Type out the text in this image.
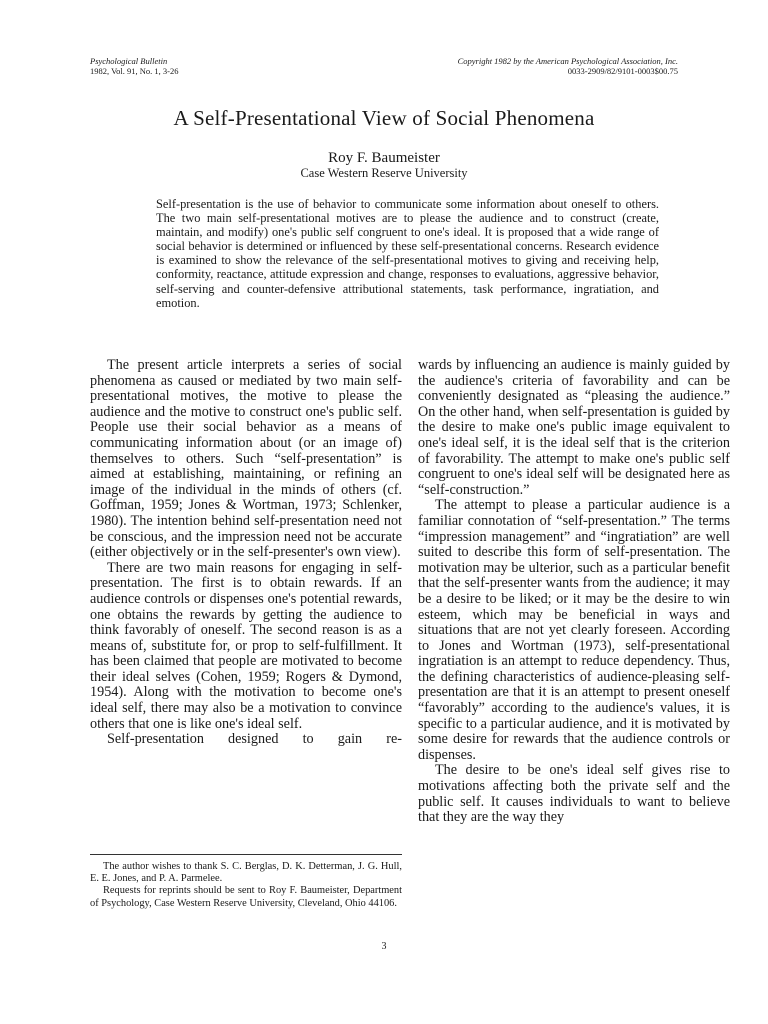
Psychological Bulletin
1982, Vol. 91, No. 1, 3-26
Copyright 1982 by the American Psychological Association, Inc.
0033-2909/82/9101-0003$00.75
A Self-Presentational View of Social Phenomena
Roy F. Baumeister
Case Western Reserve University
Self-presentation is the use of behavior to communicate some information about oneself to others. The two main self-presentational motives are to please the audience and to construct (create, maintain, and modify) one's public self congruent to one's ideal. It is proposed that a wide range of social behavior is determined or influenced by these self-presentational concerns. Research evidence is examined to show the relevance of the self-presentational motives to giving and receiving help, conformity, reactance, attitude expression and change, responses to evaluations, aggressive behavior, self-serving and counter-defensive attributional statements, task performance, ingratiation, and emotion.

The present article interprets a series of social phenomena as caused or mediated by two main self-presentational motives, the motive to please the audience and the motive to construct one's public self. People use their social behavior as a means of communicating information about (or an image of) themselves to others. Such “self-presentation” is aimed at establishing, maintaining, or refining an image of the individual in the minds of others (cf. Goffman, 1959; Jones & Wortman, 1973; Schlenker, 1980). The intention behind self-presentation need not be conscious, and the impression need not be accurate (either objectively or in the self-presenter's own view).

There are two main reasons for engaging in self-presentation. The first is to obtain rewards. If an audience controls or dispenses one's potential rewards, one obtains the rewards by getting the audience to think favorably of oneself. The second reason is as a means of, substitute for, or prop to self-fulfillment. It has been claimed that people are motivated to become their ideal selves (Cohen, 1959; Rogers & Dymond, 1954). Along with the motivation to become one's ideal self, there may also be a motivation to convince others that one is like one's ideal self.

Self-presentation designed to gain re-

wards by influencing an audience is mainly guided by the audience's criteria of favorability and can be conveniently designated as “pleasing the audience.” On the other hand, when self-presentation is guided by the desire to make one's public image equivalent to one's ideal self, it is the ideal self that is the criterion of favorability. The attempt to make one's public self congruent to one's ideal self will be designated here as “self-construction.”

The attempt to please a particular audience is a familiar connotation of “self-presentation.” The terms “impression management” and “ingratiation” are well suited to describe this form of self-presentation. The motivation may be ulterior, such as a particular benefit that the self-presenter wants from the audience; it may be a desire to be liked; or it may be the desire to win esteem, which may be beneficial in ways and situations that are not yet clearly foreseen. According to Jones and Wortman (1973), self-presentational ingratiation is an attempt to reduce dependency. Thus, the defining characteristics of audience-pleasing self-presentation are that it is an attempt to present oneself “favorably” according to the audience's values, it is specific to a particular audience, and it is motivated by some desire for rewards that the audience controls or dispenses.

The desire to be one's ideal self gives rise to motivations affecting both the private self and the public self. It causes individuals to want to believe that they are the way they

The author wishes to thank S. C. Berglas, D. K. Detterman, J. G. Hull, E. E. Jones, and P. A. Parmelee.

Requests for reprints should be sent to Roy F. Baumeister, Department of Psychology, Case Western Reserve University, Cleveland, Ohio 44106.

3
